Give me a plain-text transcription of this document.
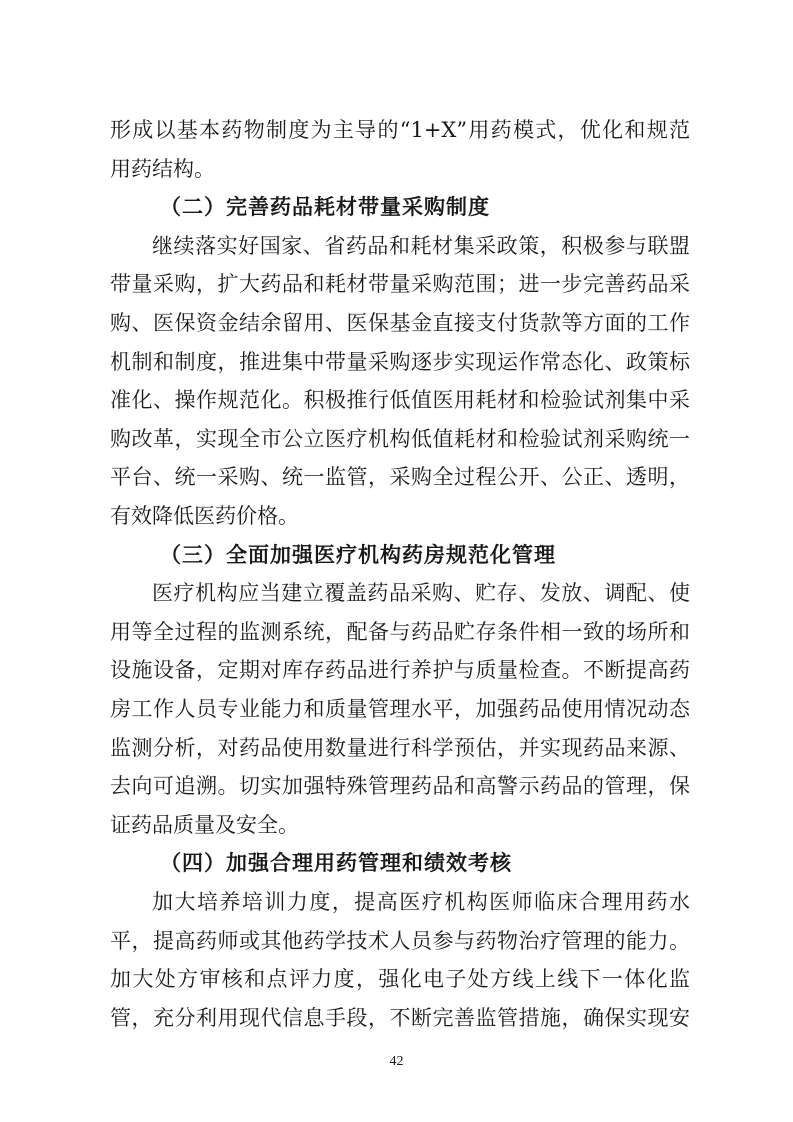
形成以基本药物制度为主导的“1+X”用药模式，优化和规范
用药结构。
（二）完善药品耗材带量采购制度
继续落实好国家、省药品和耗材集采政策，积极参与联盟
带量采购，扩大药品和耗材带量采购范围；进一步完善药品采
购、医保资金结余留用、医保基金直接支付货款等方面的工作
机制和制度，推进集中带量采购逐步实现运作常态化、政策标
准化、操作规范化。积极推行低值医用耗材和检验试剂集中采
购改革，实现全市公立医疗机构低值耗材和检验试剂采购统一
平台、统一采购、统一监管，采购全过程公开、公正、透明，
有效降低医药价格。
（三）全面加强医疗机构药房规范化管理
医疗机构应当建立覆盖药品采购、贮存、发放、调配、使
用等全过程的监测系统，配备与药品贮存条件相一致的场所和
设施设备，定期对库存药品进行养护与质量检查。不断提高药
房工作人员专业能力和质量管理水平，加强药品使用情况动态
监测分析，对药品使用数量进行科学预估，并实现药品来源、
去向可追溯。切实加强特殊管理药品和高警示药品的管理，保
证药品质量及安全。
（四）加强合理用药管理和绩效考核
加大培养培训力度，提高医疗机构医师临床合理用药水
平，提高药师或其他药学技术人员参与药物治疗管理的能力。
加大处方审核和点评力度，强化电子处方线上线下一体化监
管，充分利用现代信息手段，不断完善监管措施，确保实现安
42
